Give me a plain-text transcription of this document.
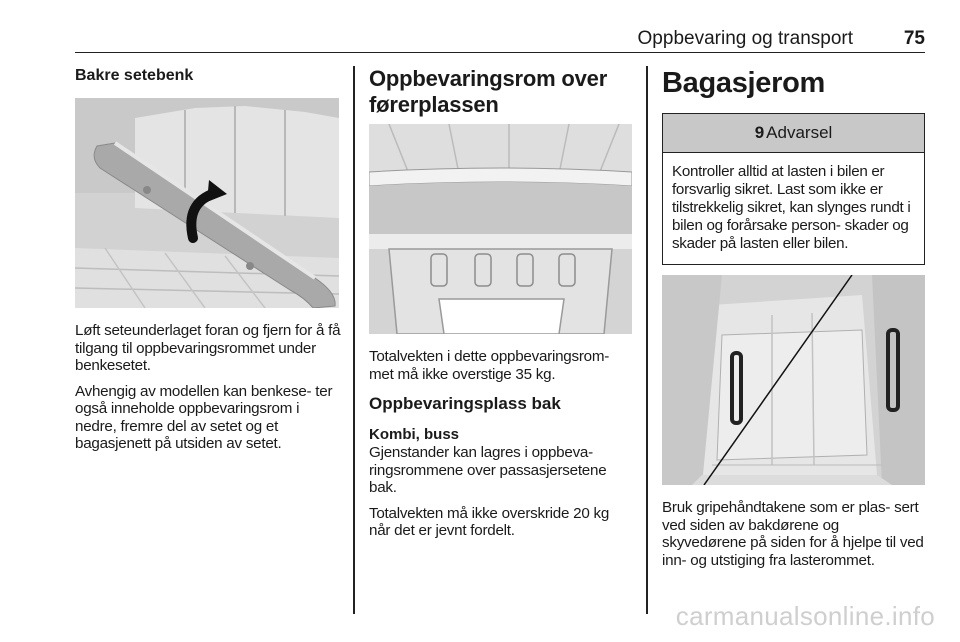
Oppbevaring og transport	75
Bakre setebenk

Løft seteunderlaget foran og fjern for å få tilgang til oppbevaringsrommet under benkesetet.

Avhengig av modellen kan benkese- ter også inneholde oppbevaringsrom i nedre, fremre del av setet og et bagasjenett på utsiden av setet.

Oppbevaringsrom over førerplassen

Totalvekten i dette oppbevaringsrom- met må ikke overstige 35 kg.

Oppbevaringsplass bak
Kombi, buss

Gjenstander kan lagres i oppbeva- ringsrommene over passasjersetene bak.

Totalvekten må ikke overskride 20 kg når det er jevnt fordelt.

Bagasjerom
9 Advarsel

Kontroller alltid at lasten i bilen er forsvarlig sikret. Last som ikke er tilstrekkelig sikret, kan slynges rundt i bilen og forårsake person- skader og skader på lasten eller bilen.

Bruk gripehåndtakene som er plas- sert ved siden av bakdørene og skyvedørene på siden for å hjelpe til ved inn- og utstiging fra lasterommet.

carmanualsonline.info
